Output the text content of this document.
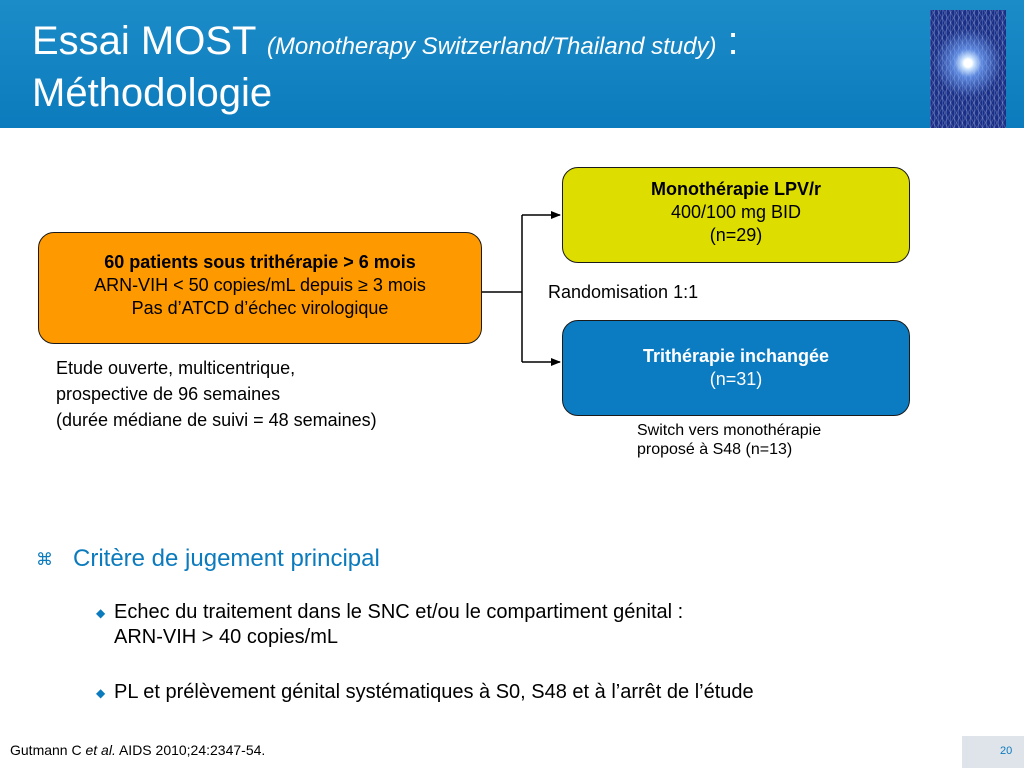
Essai MOST (Monotherapy Switzerland/Thailand study) :
Méthodologie
60 patients sous trithérapie > 6 mois
ARN-VIH < 50 copies/mL depuis ≥ 3 mois
Pas d’ATCD d’échec virologique
Monothérapie LPV/r
400/100 mg BID
(n=29)
Trithérapie inchangée
(n=31)
Randomisation 1:1
Etude ouverte, multicentrique,
prospective de 96 semaines
(durée médiane de suivi = 48 semaines)
Switch vers monothérapie
proposé à S48 (n=13)
⌘ Critère de jugement principal
◆ Echec du traitement dans le SNC et/ou le compartiment génital :
ARN-VIH > 40 copies/mL
◆ PL et prélèvement génital systématiques à S0, S48 et à l’arrêt de l’étude
Gutmann C et al. AIDS 2010;24:2347-54.	20
